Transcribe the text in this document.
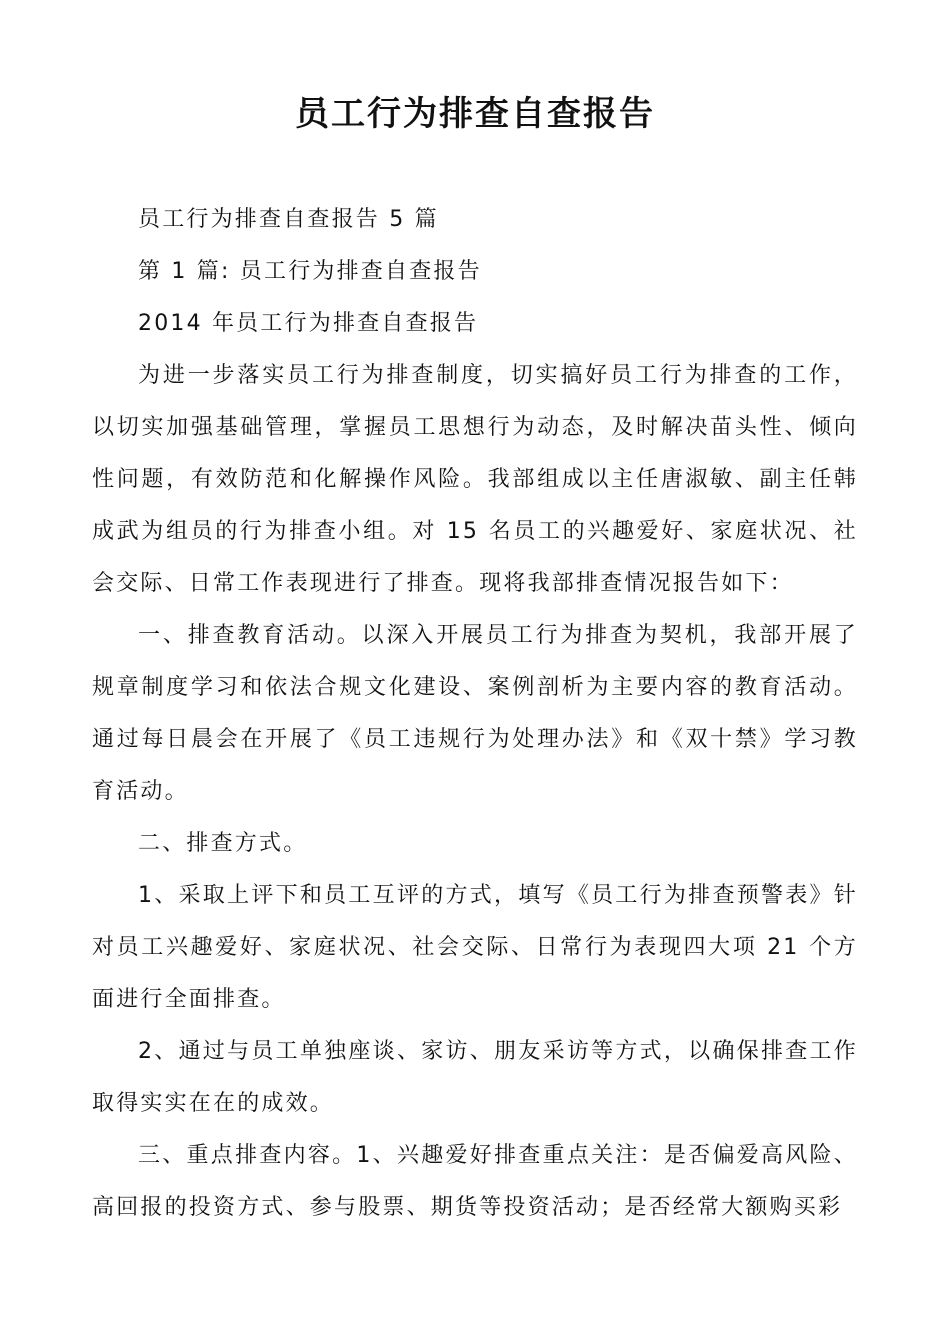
员工行为排查自查报告

员工行为排查自查报告 5 篇

第 1 篇: 员工行为排查自查报告

2014 年员工行为排查自查报告

为进一步落实员工行为排查制度，切实搞好员工行为排查的工作，以切实加强基础管理，掌握员工思想行为动态，及时解决苗头性、倾向性问题，有效防范和化解操作风险。我部组成以主任唐淑敏、副主任韩成武为组员的行为排查小组。对 15 名员工的兴趣爱好、家庭状况、社会交际、日常工作表现进行了排查。现将我部排查情况报告如下：

一、排查教育活动。以深入开展员工行为排查为契机，我部开展了规章制度学习和依法合规文化建设、案例剖析为主要内容的教育活动。通过每日晨会在开展了《员工违规行为处理办法》和《双十禁》学习教育活动。

二、排查方式。

1、采取上评下和员工互评的方式，填写《员工行为排查预警表》针对员工兴趣爱好、家庭状况、社会交际、日常行为表现四大项 21 个方面进行全面排查。

2、通过与员工单独座谈、家访、朋友采访等方式，以确保排查工作取得实实在在的成效。

三、重点排查内容。1、兴趣爱好排查重点关注：是否偏爱高风险、高回报的投资方式、参与股票、期货等投资活动；是否经常大额购买彩
